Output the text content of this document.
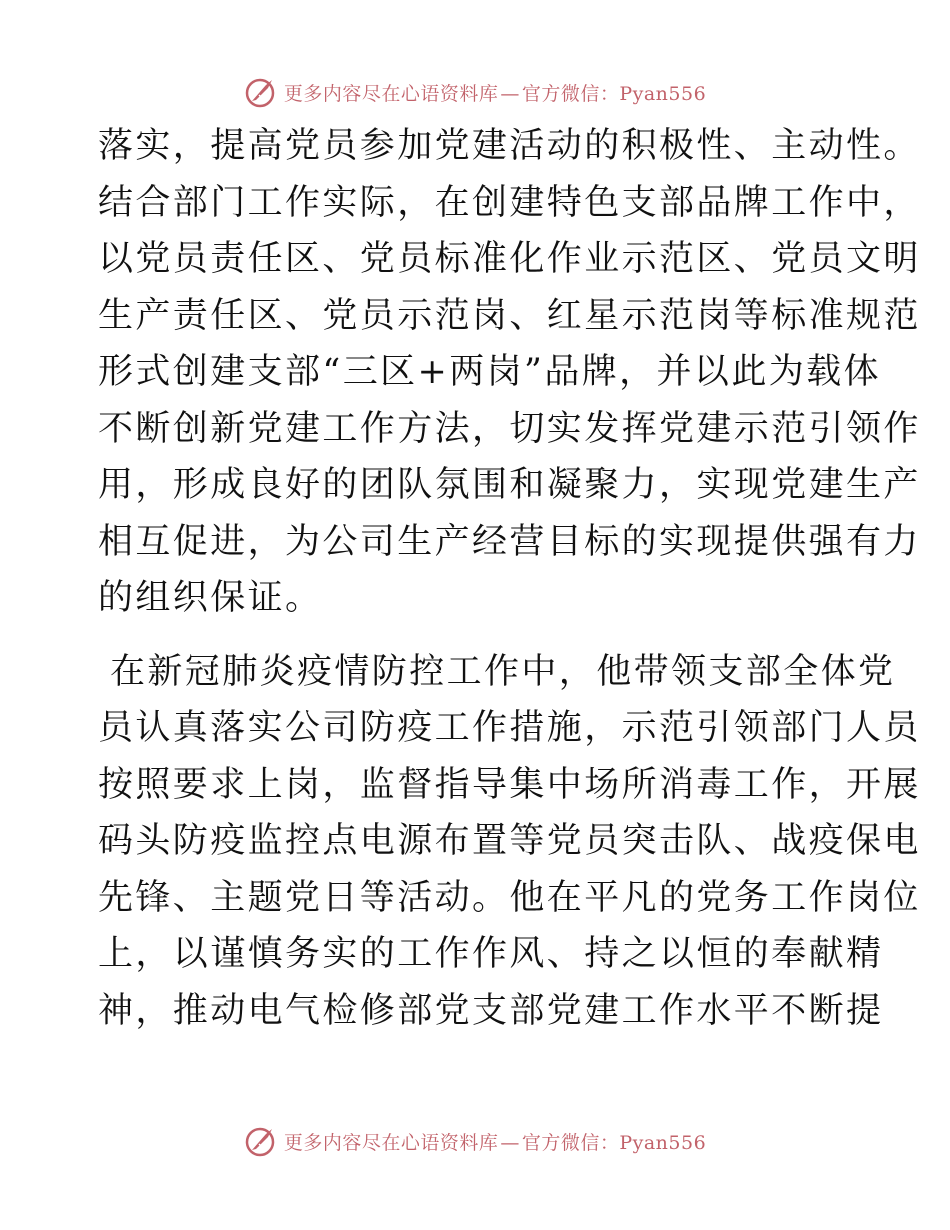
更多内容尽在心语资料库 — 官方微信：Pyan556
落实，提高党员参加党建活动的积极性、主动性。
结合部门工作实际，在创建特色支部品牌工作中，
以党员责任区、党员标准化作业示范区、党员文明
生产责任区、党员示范岗、红星示范岗等标准规范
形式创建支部“三区+两岗”品牌，并以此为载体
不断创新党建工作方法，切实发挥党建示范引领作
用，形成良好的团队氛围和凝聚力，实现党建生产
相互促进，为公司生产经营目标的实现提供强有力
的组织保证。
在新冠肺炎疫情防控工作中，他带领支部全体党
员认真落实公司防疫工作措施，示范引领部门人员
按照要求上岗，监督指导集中场所消毒工作，开展
码头防疫监控点电源布置等党员突击队、战疫保电
先锋、主题党日等活动。他在平凡的党务工作岗位
上，以谨慎务实的工作作风、持之以恒的奉献精
神，推动电气检修部党支部党建工作水平不断提
更多内容尽在心语资料库 — 官方微信：Pyan556
